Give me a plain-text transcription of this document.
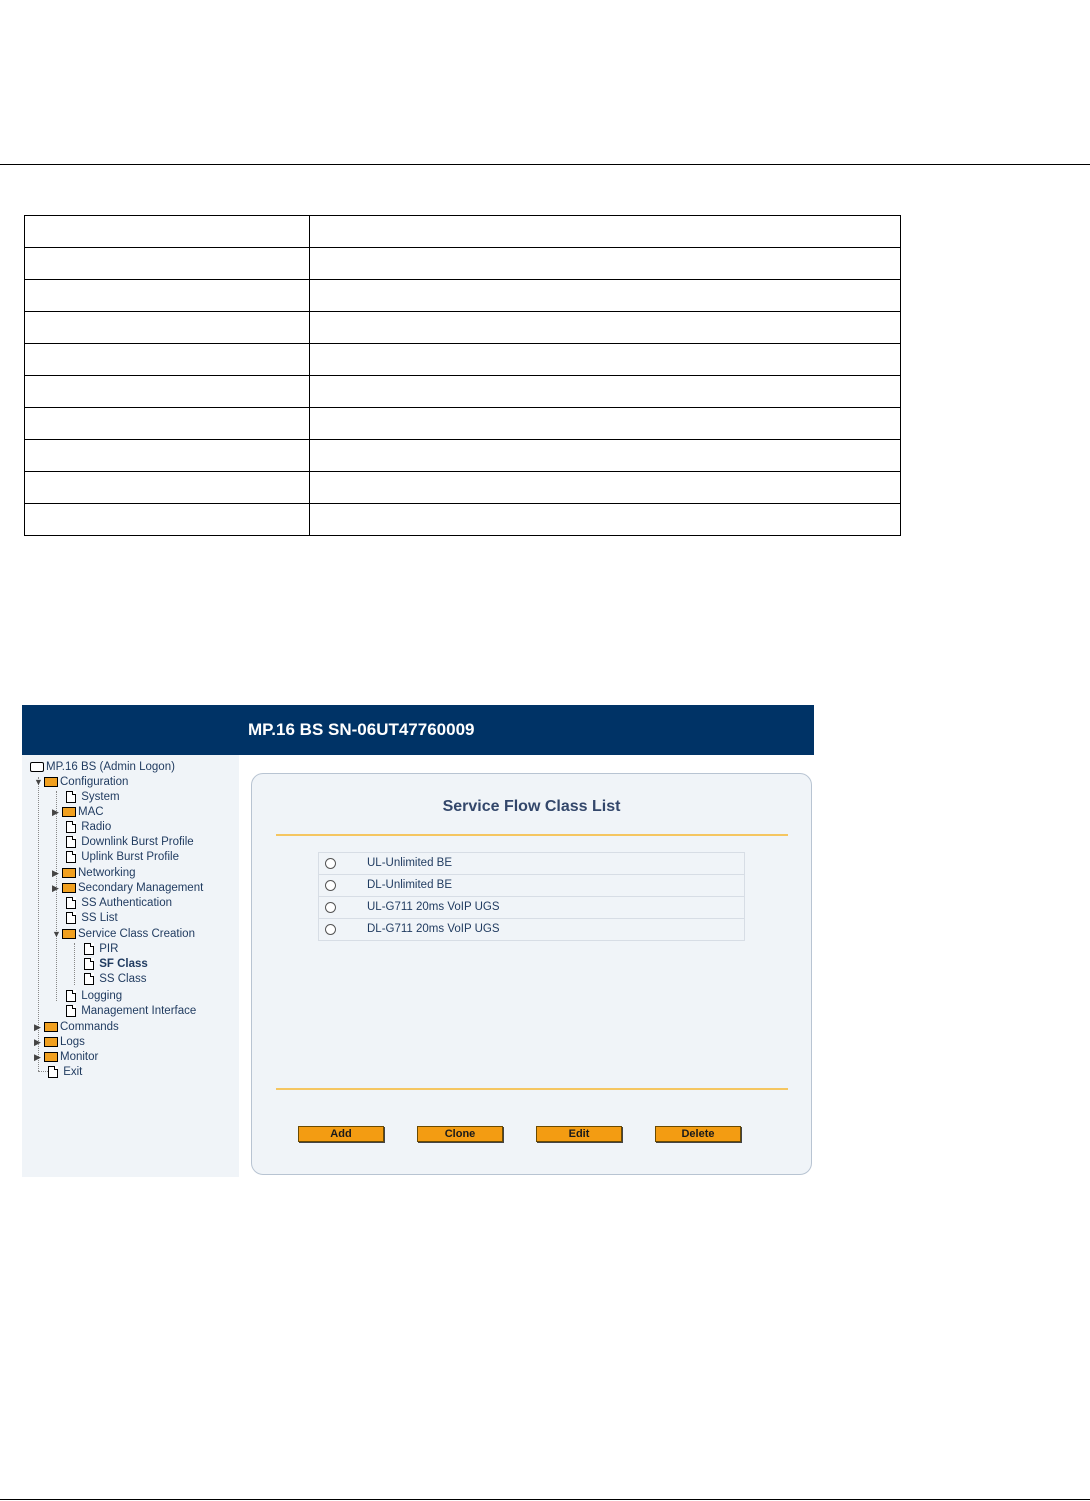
MP.16 BS SN-06UT47760009
MP.16 BS (Admin Logon)
▼ Configuration
System
▶ MAC
Radio
Downlink Burst Profile
Uplink Burst Profile
▶ Networking
▶ Secondary Management
SS Authentication
SS List
▼ Service Class Creation
PIR
SF Class
SS Class
Logging
Management Interface
▶ Commands
▶ Logs
▶ Monitor
Exit
Service Flow Class List
UL-Unlimited BE
DL-Unlimited BE
UL-G711 20ms VoIP UGS
DL-G711 20ms VoIP UGS
Add	Clone	Edit	Delete
